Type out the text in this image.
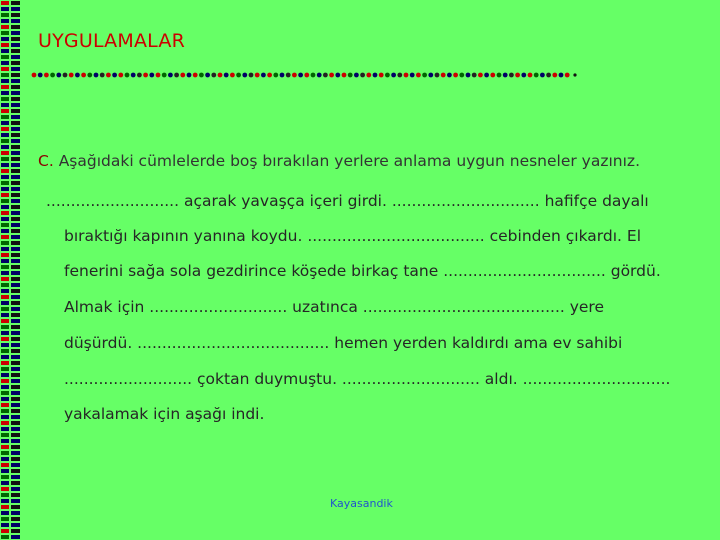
UYGULAMALAR
C. Aşağıdaki cümlelerde boş bırakılan yerlere anlama uygun nesneler yazınız.
........................... açarak yavaşça içeri girdi. .............................. hafifçe dayalı
bıraktığı kapının yanına koydu. .................................... cebinden çıkardı. El
fenerini sağa sola gezdirince köşede birkaç tane ................................. gördü.
Almak için ............................ uzatınca ......................................... yere
düşürdü. ....................................... hemen yerden kaldırdı ama ev sahibi
.......................... çoktan duymuştu. ............................ aldı. ..............................
yakalamak için aşağı indi.
Kayasandik
